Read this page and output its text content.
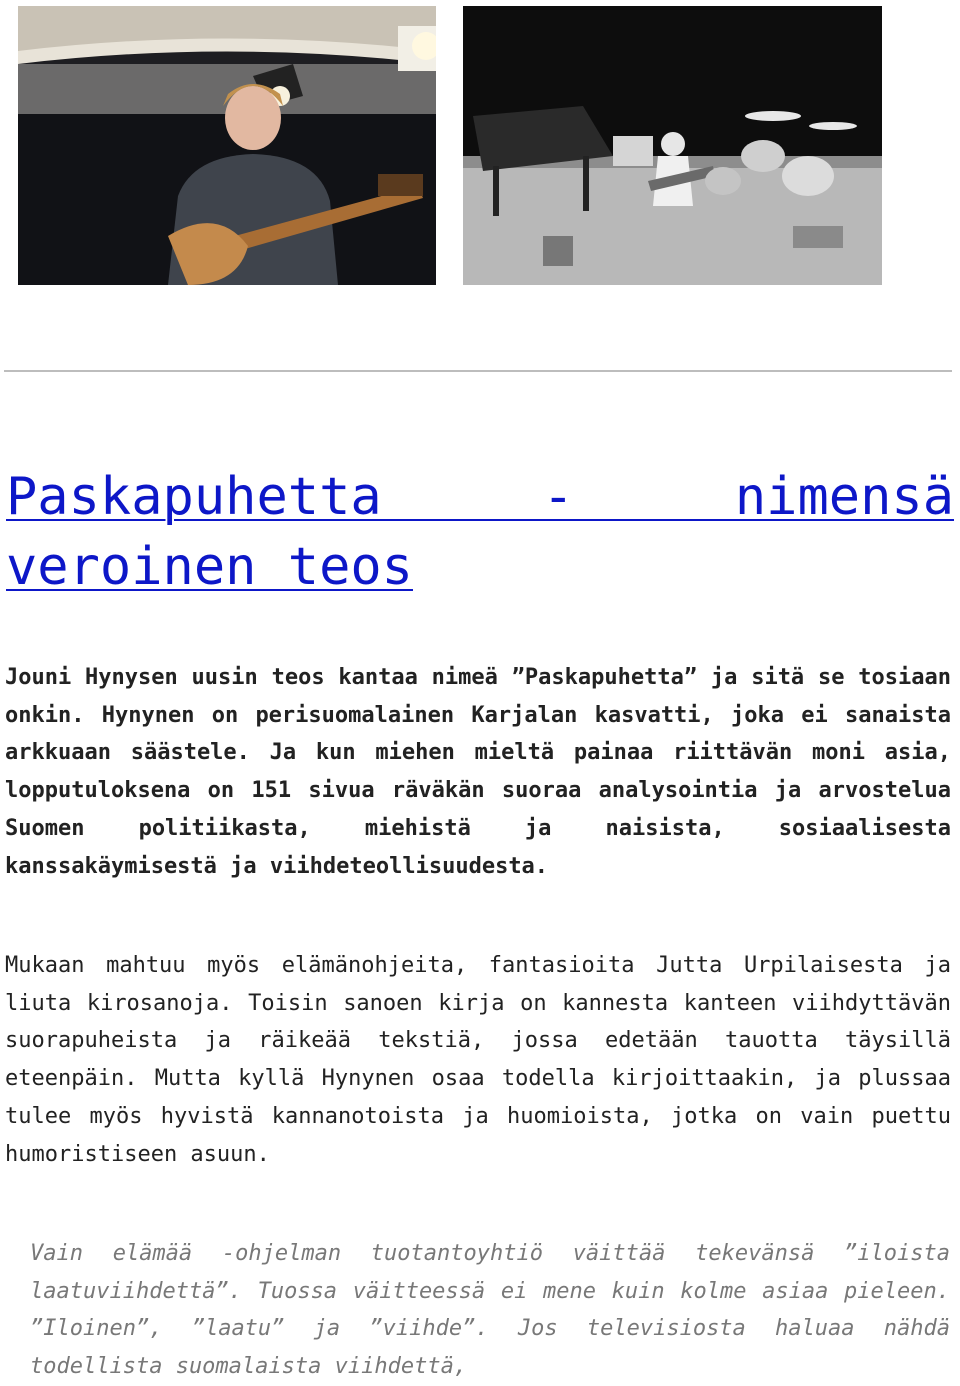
Paskapuhetta - nimensä veroinen teos

Jouni Hynysen uusin teos kantaa nimeä ”Paskapuhetta” ja sitä se tosiaan onkin. Hynynen on perisuomalainen Karjalan kasvatti, joka ei sanaista arkkuaan säästele. Ja kun miehen mieltä painaa riittävän moni asia, lopputuloksena on 151 sivua räväkän suoraa analysointia ja arvostelua Suomen politiikasta, miehistä ja naisista, sosiaalisesta kanssakäymisestä ja viihdeteollisuudesta.

Mukaan mahtuu myös elämänohjeita, fantasioita Jutta Urpilaisesta ja liuta kirosanoja. Toisin sanoen kirja on kannesta kanteen viihdyttävän suorapuheista ja räikeää tekstiä, jossa edetään tauotta täysillä eteenpäin. Mutta kyllä Hynynen osaa todella kirjoittaakin, ja plussaa tulee myös hyvistä kannanotoista ja huomioista, jotka on vain puettu humoristiseen asuun.

Vain elämää -ohjelman tuotantoyhtiö väittää tekevänsä ”iloista laatuviihdettä”. Tuossa väitteessä ei mene kuin kolme asiaa pieleen. ”Iloinen”, ”laatu” ja ”viihde”. Jos televisiosta haluaa nähdä todellista suomalaista viihdettä,
